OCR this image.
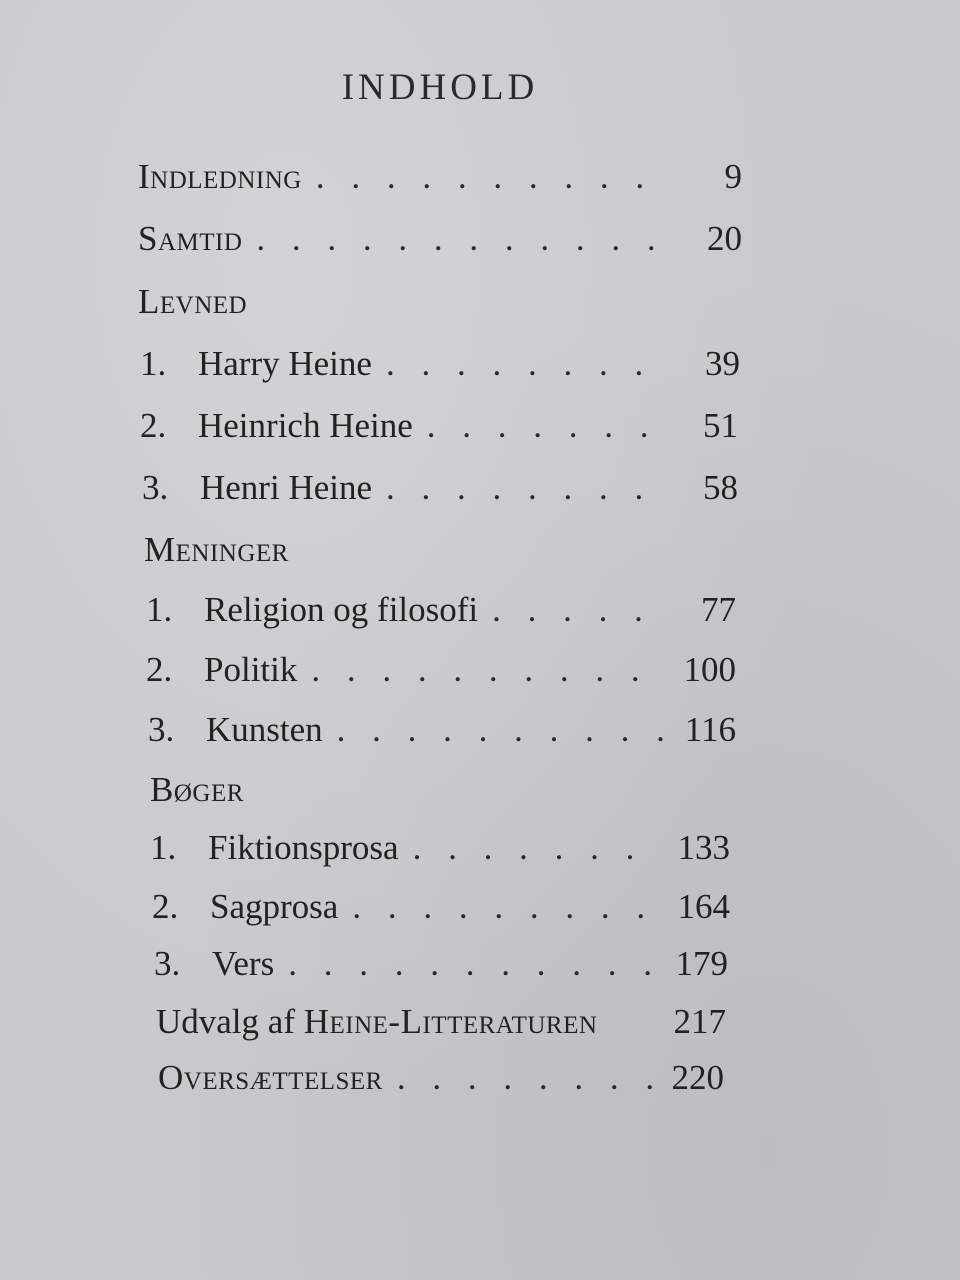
INDHOLD
Indledning . . .	9
Samtid . . .	20
Levned
1. Harry Heine . . .	39
2. Heinrich Heine . . .	51
3. Henri Heine . . .	58
Meninger
1. Religion og filosofi . . .	77
2. Politik . . .	100
3. Kunsten . . .	116
Bøger
1. Fiktionsprosa . . .	133
2. Sagprosa . . .	164
3. Vers . . .	179
Udvalg af Heine-Litteraturen	217
Oversættelser . . .	220
